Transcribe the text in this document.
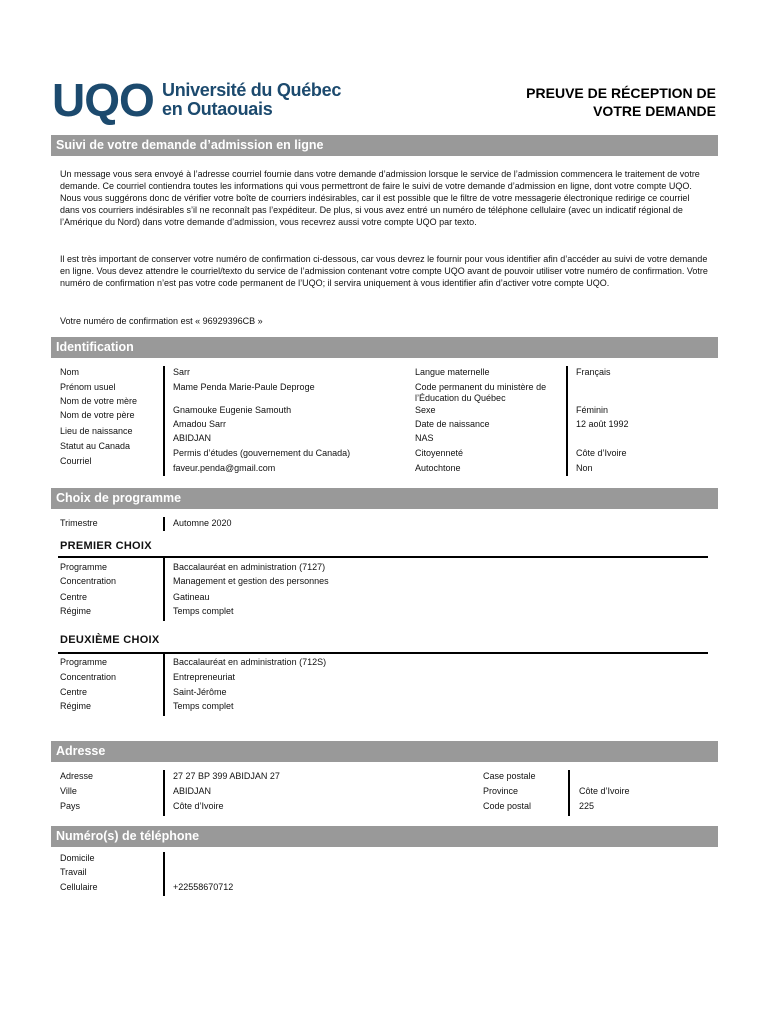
UQO Université du Québec
en Outaouais
PREUVE DE RÉCEPTION DE
VOTRE DEMANDE
Suivi de votre demande d’admission en ligne
Un message vous sera envoyé à l’adresse courriel fournie dans votre demande d’admission lorsque le service de l’admission commencera le traitement de votre demande. Ce courriel contiendra toutes les informations qui vous permettront de faire le suivi de votre demande d’admission en ligne, dont votre compte UQO. Nous vous suggérons donc de vérifier votre boîte de courriers indésirables, car il est possible que le filtre de votre messagerie électronique redirige ce courriel dans vos courriers indésirables s’il ne reconnaît pas l’expéditeur. De plus, si vous avez entré un numéro de téléphone cellulaire (avec un indicatif régional de l’Amérique du Nord) dans votre demande d’admission, vous recevrez aussi votre compte UQO par texto.
Il est très important de conserver votre numéro de confirmation ci-dessous, car vous devrez le fournir pour vous identifier afin d’accéder au suivi de votre demande en ligne. Vous devez attendre le courriel/texto du service de l’admission contenant votre compte UQO avant de pouvoir utiliser votre numéro de confirmation. Votre numéro de confirmation n’est pas votre code permanent de l’UQO; il servira uniquement à vous identifier afin d’activer votre compte UQO.
Votre numéro de confirmation est « 96929396CB »
Identification
Nom
Prénom usuel
Nom de votre mère
Nom de votre père
Lieu de naissance
Statut au Canada
Courriel
Sarr
Mame Penda Marie-Paule Deproge
Gnamouke Eugenie Samouth
Amadou Sarr
ABIDJAN
Permis d’études (gouvernement du Canada)
faveur.penda@gmail.com
Langue maternelle
Code permanent du ministère de
l’Éducation du Québec
Sexe
Date de naissance
NAS
Citoyenneté
Autochtone
Français
Féminin
12 août 1992
Côte d’Ivoire
Non
Choix de programme
Trimestre	Automne 2020
PREMIER CHOIX
Programme
Concentration
Centre
Régime
Baccalauréat en administration (7127)
Management et gestion des personnes
Gatineau
Temps complet
DEUXIÈME CHOIX
Programme
Concentration
Centre
Régime
Baccalauréat en administration (712S)
Entrepreneuriat
Saint-Jérôme
Temps complet
Adresse
Adresse
Ville
Pays
27 27 BP 399 ABIDJAN 27
ABIDJAN
Côte d’Ivoire
Case postale
Province
Code postal
Côte d’Ivoire
225
Numéro(s) de téléphone
Domicile
Travail
Cellulaire	+22558670712
